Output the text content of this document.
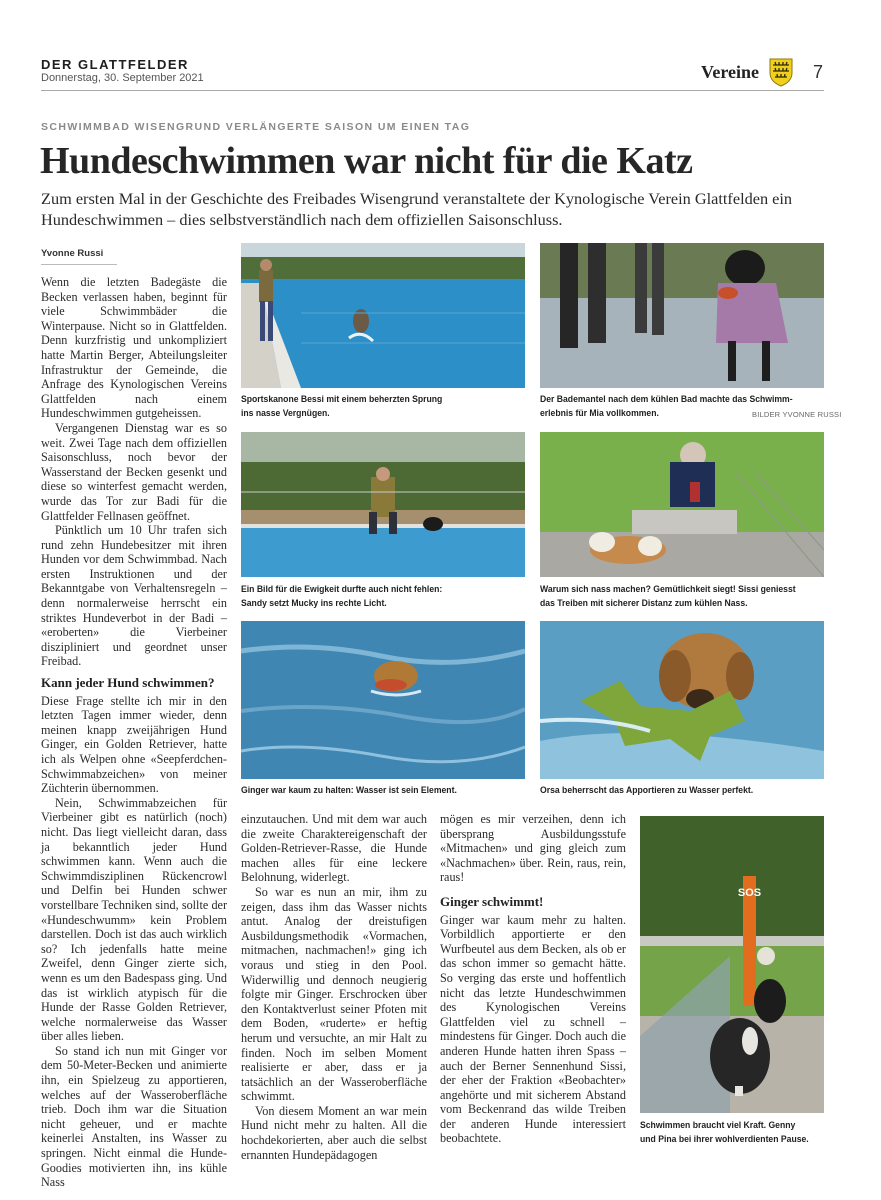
DER GLATTFELDER
Donnerstag, 30. September 2021	Vereine	7
SCHWIMMBAD WISENGRUND VERLÄNGERTE SAISON UM EINEN TAG
Hundeschwimmen war nicht für die Katz
Zum ersten Mal in der Geschichte des Freibades Wisengrund veranstaltete der Kynologische Verein Glattfelden ein Hundeschwimmen – dies selbstverständlich nach dem offiziellen Saisonschluss.
Yvonne Russi

Wenn die letzten Badegäste die Becken verlassen haben, beginnt für viele Schwimmbäder die Winterpause. Nicht so in Glattfelden. Denn kurzfristig und unkompliziert hatte Martin Berger, Abteilungsleiter Infrastruktur der Gemeinde, die Anfrage des Kynologischen Vereins Glattfelden nach einem Hundeschwimmen gutgeheissen.

Vergangenen Dienstag war es so weit. Zwei Tage nach dem offiziellen Saisonschluss, noch bevor der Wasserstand der Becken gesenkt und diese so winterfest gemacht werden, wurde das Tor zur Badi für die Glattfelder Fellnasen geöffnet.

Pünktlich um 10 Uhr trafen sich rund zehn Hundebesitzer mit ihren Hunden vor dem Schwimmbad. Nach ersten Instruktionen und der Bekanntgabe von Verhaltensregeln – denn normalerweise herrscht ein striktes Hundeverbot in der Badi – «eroberten» die Vierbeiner diszipliniert und geordnet unser Freibad.

Kann jeder Hund schwimmen?

Diese Frage stellte ich mir in den letzten Tagen immer wieder, denn meinen knapp zweijährigen Hund Ginger, ein Golden Retriever, hatte ich als Welpen ohne «Seepferdchen-Schwimmabzeichen» von meiner Züchterin übernommen.

Nein, Schwimmabzeichen für Vierbeiner gibt es natürlich (noch) nicht. Das liegt vielleicht daran, dass ja bekanntlich jeder Hund schwimmen kann. Wenn auch die Schwimmdisziplinen Rückencrowl und Delfin bei Hunden schwer vorstellbare Techniken sind, sollte der «Hundeschwumm» kein Problem darstellen. Doch ist das auch wirklich so? Ich jedenfalls hatte meine Zweifel, denn Ginger zierte sich, wenn es um den Badespass ging. Und das ist wirklich atypisch für die Hunde der Rasse Golden Retriever, welche normalerweise das Wasser über alles lieben.

So stand ich nun mit Ginger vor dem 50-Meter-Becken und animierte ihn, ein Spielzeug zu apportieren, welches auf der Wasseroberfläche trieb. Doch ihm war die Situation nicht geheuer, und er machte keinerlei Anstalten, ins Wasser zu springen. Nicht einmal die Hunde-Goodies motivierten ihn, ins kühle Nass

Sportskanone Bessi mit einem beherzten Sprung
ins nasse Vergnügen.
Der Bademantel nach dem kühlen Bad machte das Schwimm-
erlebnis für Mia vollkommen.	BILDER YVONNE RUSSI
Ein Bild für die Ewigkeit durfte auch nicht fehlen:
Sandy setzt Mucky ins rechte Licht.
Warum sich nass machen? Gemütlichkeit siegt! Sissi geniesst
das Treiben mit sicherer Distanz zum kühlen Nass.
Ginger war kaum zu halten: Wasser ist sein Element.	Orsa beherrscht das Apportieren zu Wasser perfekt.

einzutauchen. Und mit dem war auch die zweite Charaktereigenschaft der Golden-Retriever-Rasse, die Hunde machen alles für eine leckere Belohnung, widerlegt.

So war es nun an mir, ihm zu zeigen, dass ihm das Wasser nichts antut. Analog der dreistufigen Ausbildungsmethodik «Vormachen, mitmachen, nachmachen!» ging ich voraus und stieg in den Pool. Widerwillig und dennoch neugierig folgte mir Ginger. Erschrocken über den Kontaktverlust seiner Pfoten mit dem Boden, «ruderte» er heftig herum und versuchte, an mir Halt zu finden. Noch im selben Moment realisierte er aber, dass er ja tatsächlich an der Wasseroberfläche schwimmt.

Von diesem Moment an war mein Hund nicht mehr zu halten. All die hochdekorierten, aber auch die selbst ernannten Hundepädagogen

mögen es mir verzeihen, denn ich übersprang Ausbildungsstufe «Mitmachen» und ging gleich zum «Nachmachen» über. Rein, raus, rein, raus!

Ginger schwimmt!

Ginger war kaum mehr zu halten. Vorbildlich apportierte er den Wurfbeutel aus dem Becken, als ob er das schon immer so gemacht hätte. So verging das erste und hoffentlich nicht das letzte Hundeschwimmen des Kynologischen Vereins Glattfelden viel zu schnell – mindestens für Ginger. Doch auch die anderen Hunde hatten ihren Spass – auch der Berner Sennenhund Sissi, der eher der Fraktion «Beobachter» angehörte und mit sicherem Abstand vom Beckenrand das wilde Treiben der anderen Hunde interessiert beobachtete.

SOS
Schwimmen braucht viel Kraft. Genny
und Pina bei ihrer wohlverdienten Pause.
